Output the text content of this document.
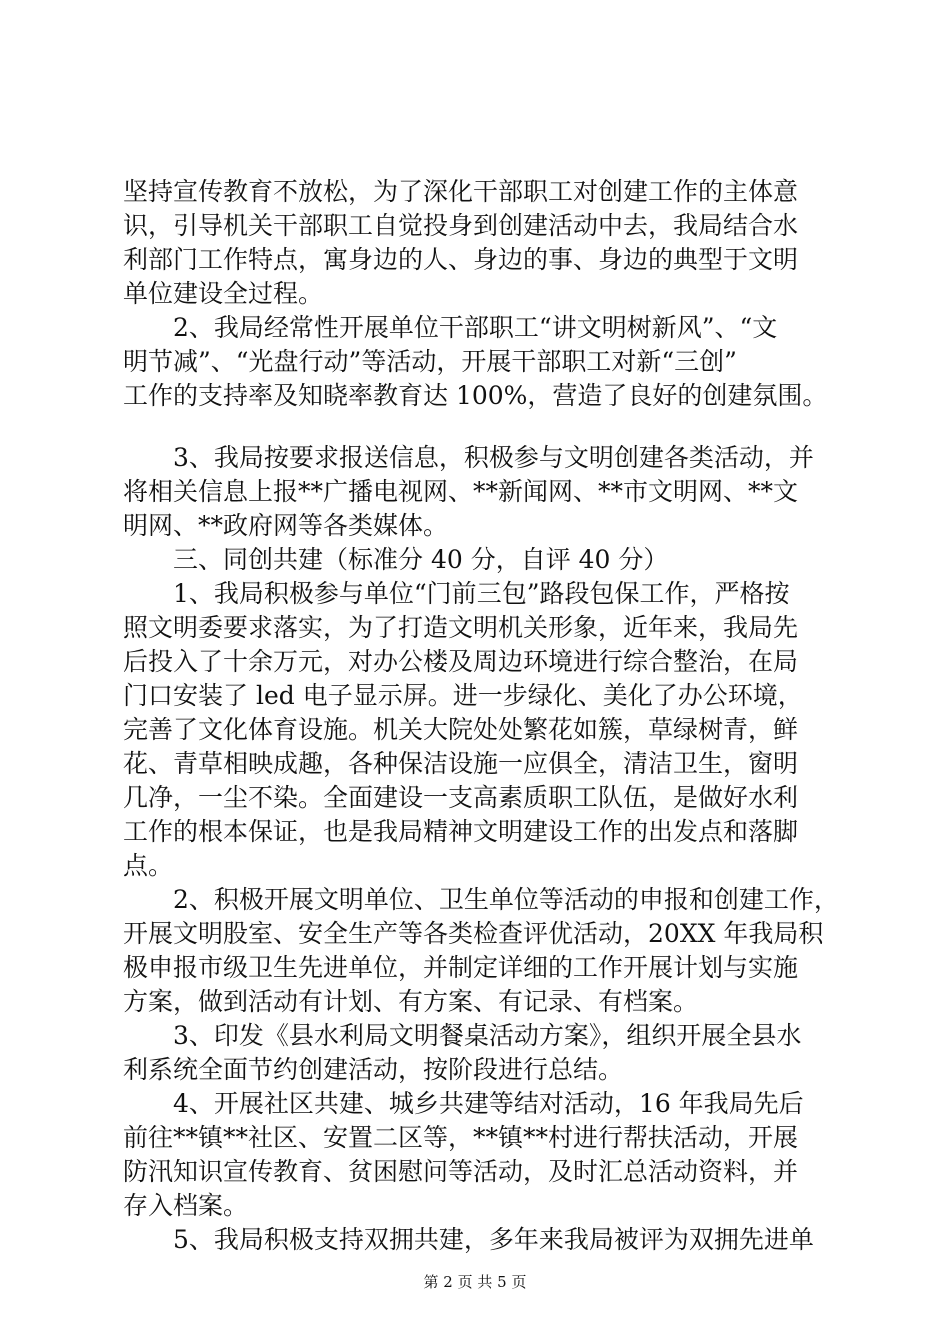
坚持宣传教育不放松，为了深化干部职工对创建工作的主体意
识，引导机关干部职工自觉投身到创建活动中去，我局结合水
利部门工作特点，寓身边的人、身边的事、身边的典型于文明
单位建设全过程。
2、我局经常性开展单位干部职工“讲文明树新风”、“文
明节减”、“光盘行动”等活动，开展干部职工对新“三创”
工作的支持率及知晓率教育达 100%，营造了良好的创建氛围。
3、我局按要求报送信息，积极参与文明创建各类活动，并
将相关信息上报**广播电视网、**新闻网、**市文明网、**文
明网、**政府网等各类媒体。
三、同创共建（标准分 40 分，自评 40 分）
1、我局积极参与单位“门前三包”路段包保工作，严格按
照文明委要求落实，为了打造文明机关形象，近年来，我局先
后投入了十余万元，对办公楼及周边环境进行综合整治，在局
门口安装了 led 电子显示屏。进一步绿化、美化了办公环境，
完善了文化体育设施。机关大院处处繁花如簇，草绿树青，鲜
花、青草相映成趣，各种保洁设施一应俱全，清洁卫生，窗明
几净，一尘不染。全面建设一支高素质职工队伍，是做好水利
工作的根本保证，也是我局精神文明建设工作的出发点和落脚
点。
2、积极开展文明单位、卫生单位等活动的申报和创建工作，
开展文明股室、安全生产等各类检查评优活动，20XX 年我局积
极申报市级卫生先进单位，并制定详细的工作开展计划与实施
方案，做到活动有计划、有方案、有记录、有档案。
3、印发《县水利局文明餐桌活动方案》，组织开展全县水
利系统全面节约创建活动，按阶段进行总结。
4、开展社区共建、城乡共建等结对活动，16 年我局先后
前往**镇**社区、安置二区等，**镇**村进行帮扶活动，开展
防汛知识宣传教育、贫困慰问等活动，及时汇总活动资料，并
存入档案。
5、我局积极支持双拥共建，多年来我局被评为双拥先进单
第 2 页 共 5 页
